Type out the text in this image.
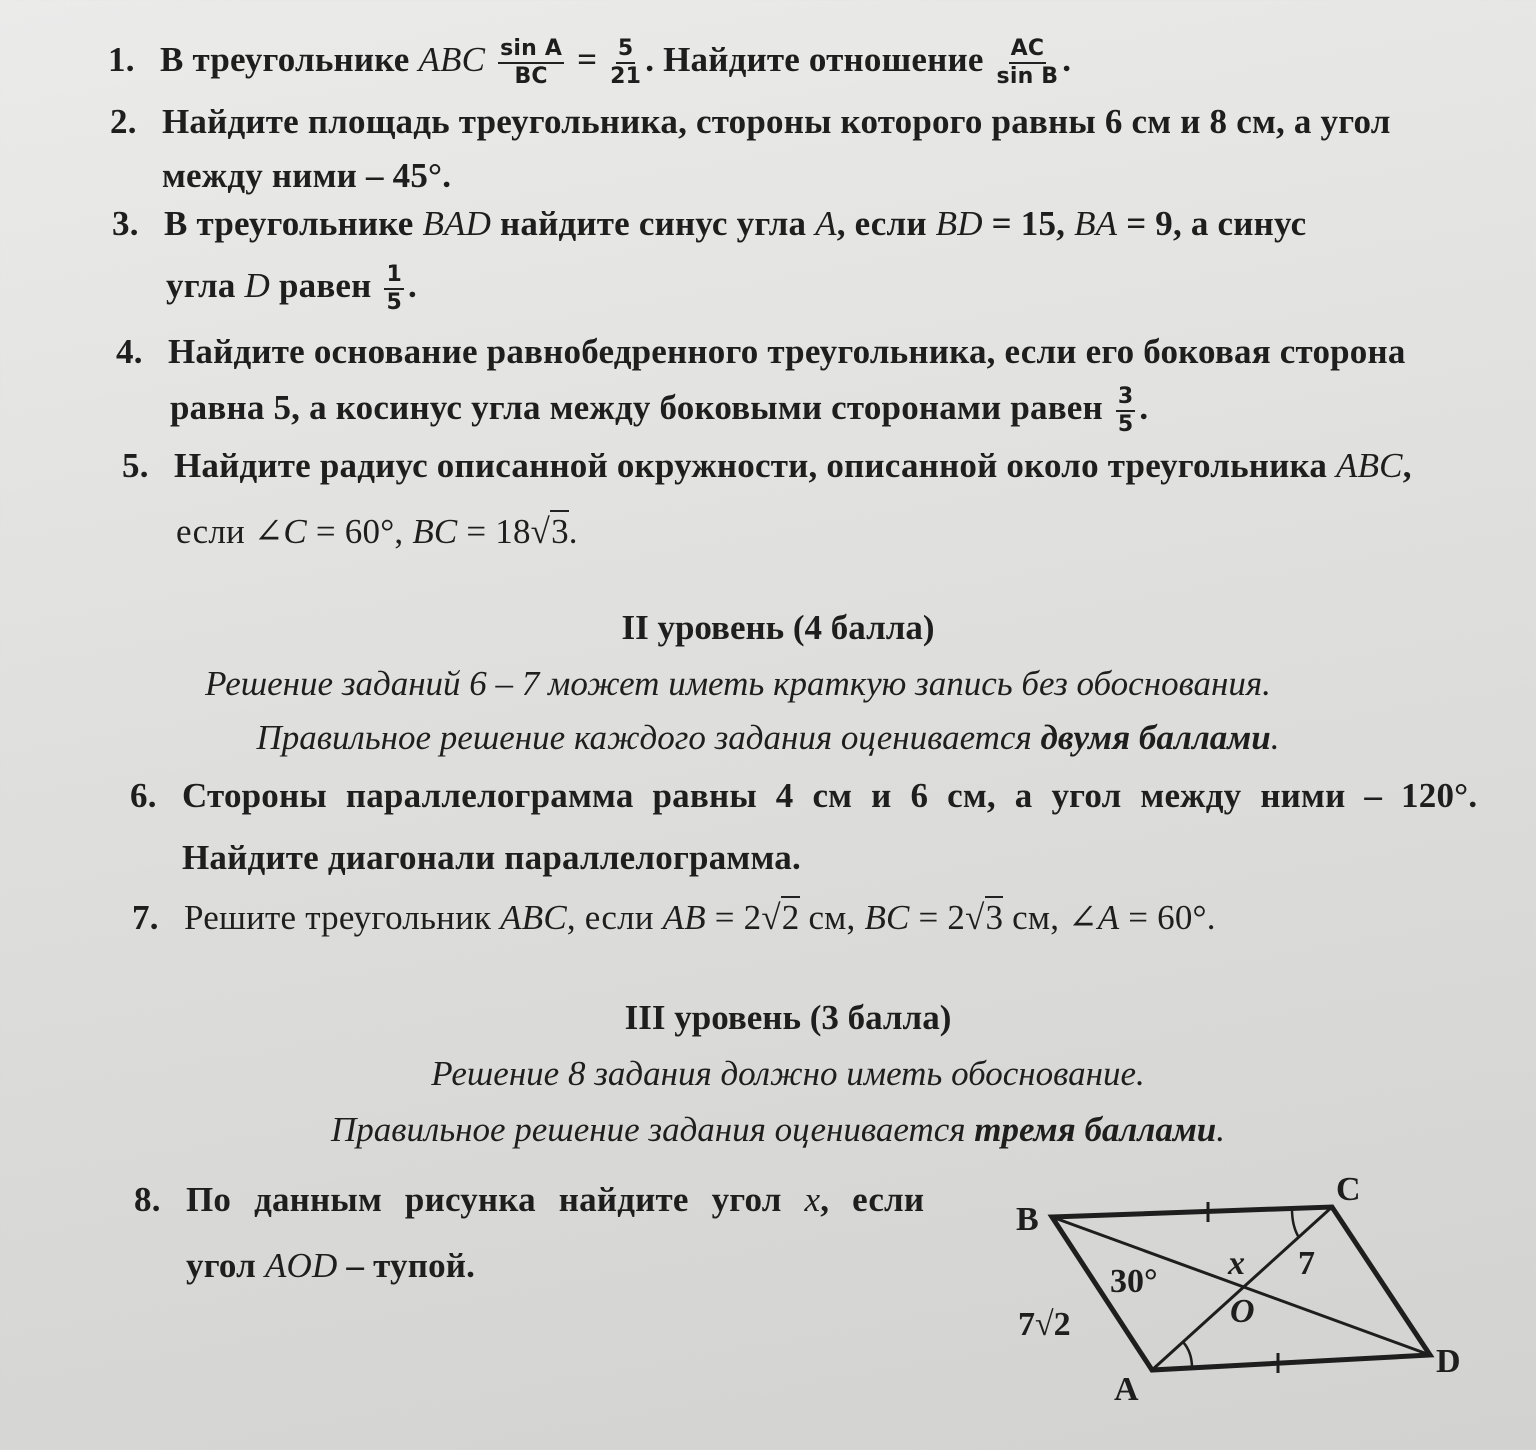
1. В треугольнике ABC $\frac{\text{sin A}}{BC} = \frac{5}{21}$ . Найдите отношение $\frac{AC}{\text{sin B}}$ .
2. Найдите площадь треугольника, стороны которого равны 6 см и 8 см, а угол
между ними – 45°.
3. В треугольнике BAD найдите синус угла A, если BD = 15, BA = 9, а синус
угла D равен $\frac{1}{5}$ .
4. Найдите основание равнобедренного треугольника, если его боковая сторона
равна 5, а косинус угла между боковыми сторонами равен $\frac{3}{5}$ .
5. Найдите радиус описанной окружности, описанной около треугольника ABC,
если ∠C = 60°, BC = 18√3.
II уровень (4 балла)
Решение заданий 6 – 7 может иметь краткую запись без обоснования.
Правильное решение каждого задания оценивается двумя баллами.
6. Стороны параллелограмма равны 4 см и 6 см, а угол между ними – 120°.
Найдите диагонали параллелограмма.
7. Решите треугольник ABC, если AB = 2√2 см, BC = 2√3 см, ∠A = 60°.
III уровень (3 балла)
Решение 8 задания должно иметь обоснование.
Правильное решение задания оценивается тремя баллами.
8. По данным рисунка найдите угол x, если
угол AOD – тупой.
B
C
D
A
O
30° x 7
7√2
